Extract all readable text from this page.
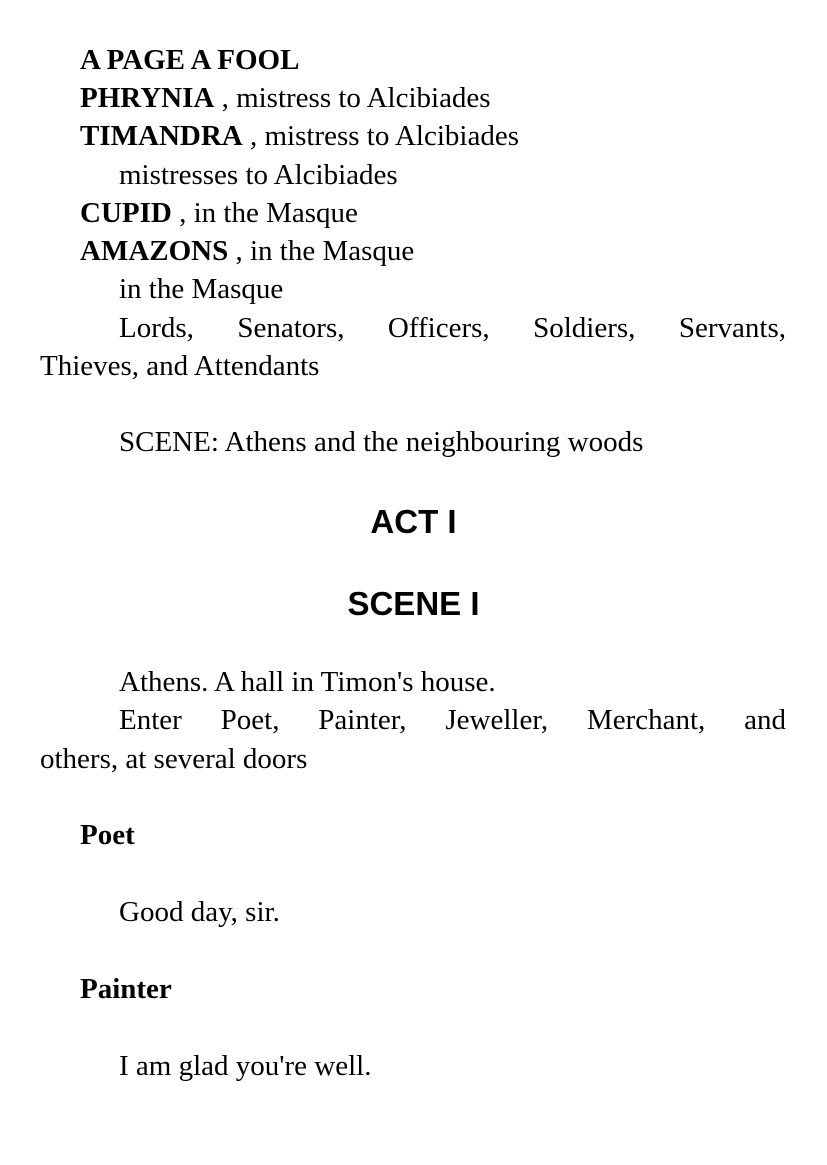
A PAGE A FOOL
PHRYNIA , mistress to Alcibiades
TIMANDRA , mistress to Alcibiades
mistresses to Alcibiades
CUPID , in the Masque
AMAZONS , in the Masque
in the Masque
Lords, Senators, Officers, Soldiers, Servants,
Thieves, and Attendants
SCENE: Athens and the neighbouring woods
ACT I
SCENE I
Athens. A hall in Timon's house.
Enter Poet, Painter, Jeweller, Merchant, and
others, at several doors
Poet
Good day, sir.
Painter
I am glad you're well.
